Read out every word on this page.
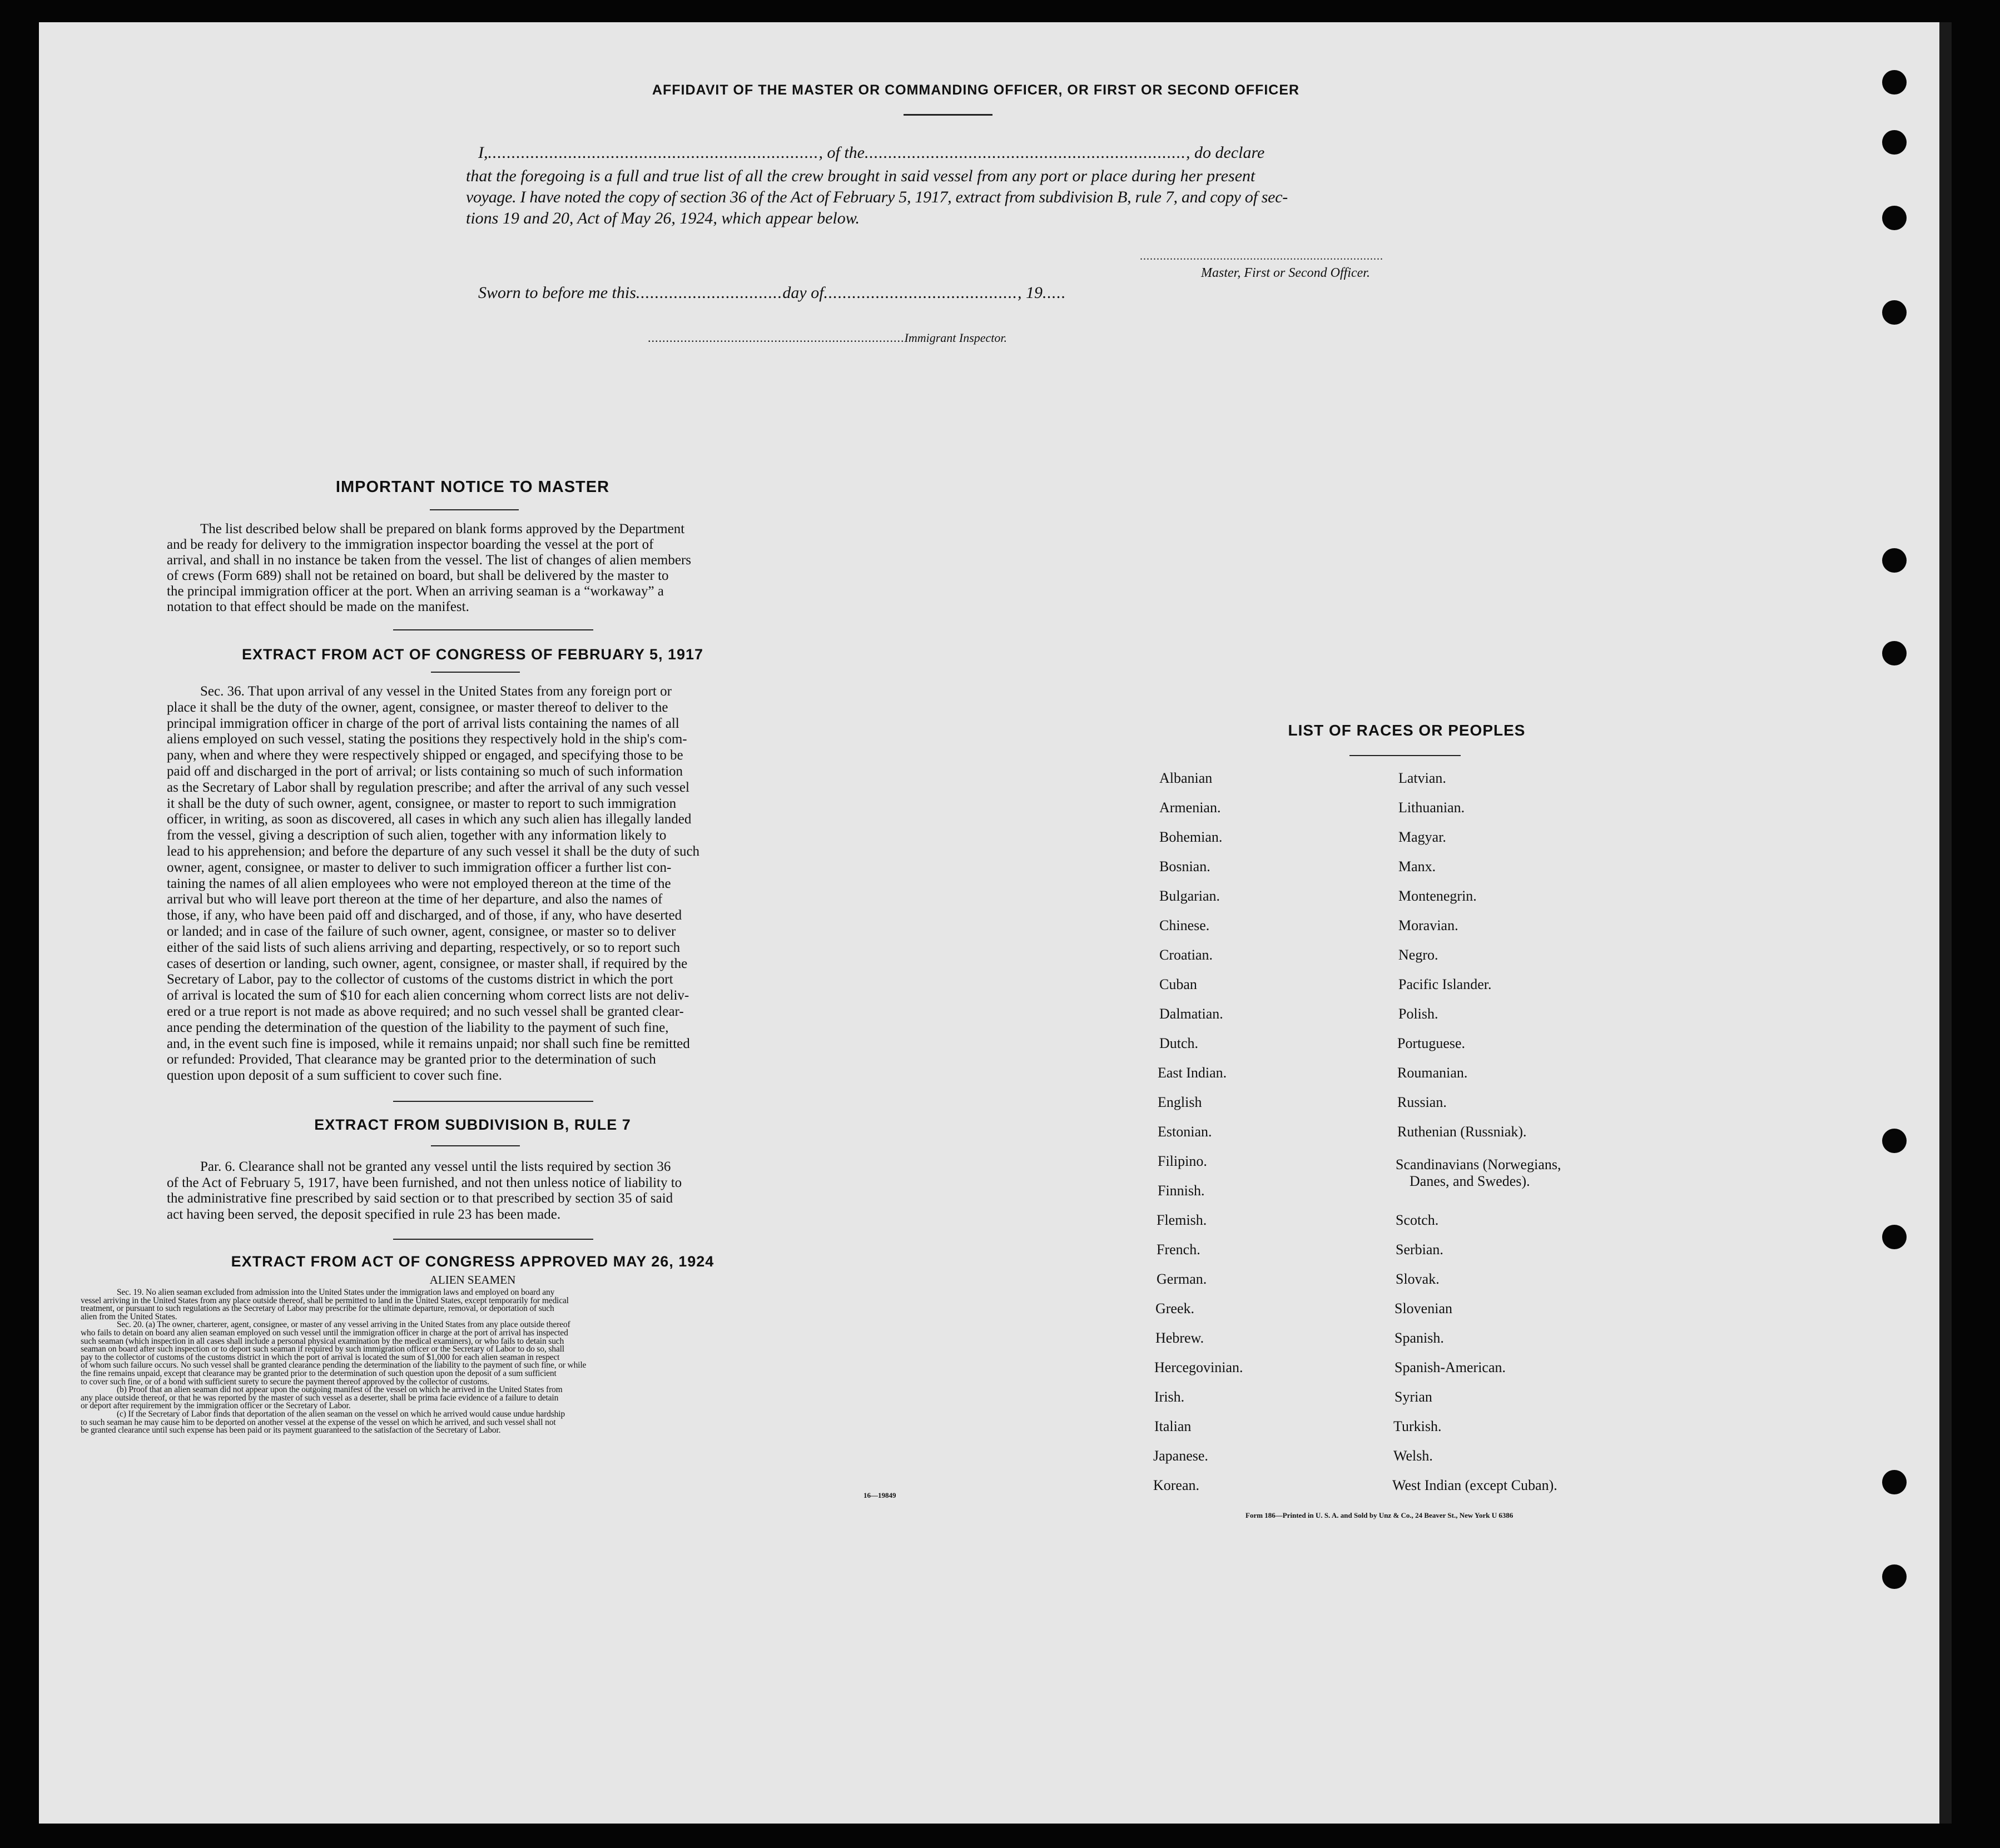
AFFIDAVIT OF THE MASTER OR COMMANDING OFFICER, OR FIRST OR SECOND OFFICER
I,......................................................................, of the...................................................................., do declare
that the foregoing is a full and true list of all the crew brought in said vessel from any port or place during her present
voyage. I have noted the copy of section 36 of the Act of February 5, 1917, extract from subdivision B, rule 7, and copy of sec-
tions 19 and 20, Act of May 26, 1924, which appear below.
.........................................................................
Master, First or Second Officer.
Sworn to before me this...............................day of........................................., 19.....
.......................................................................Immigrant Inspector.
IMPORTANT NOTICE TO MASTER
The list described below shall be prepared on blank forms approved by the Department
and be ready for delivery to the immigration inspector boarding the vessel at the port of
arrival, and shall in no instance be taken from the vessel. The list of changes of alien members
of crews (Form 689) shall not be retained on board, but shall be delivered by the master to
the principal immigration officer at the port. When an arriving seaman is a “workaway” a
notation to that effect should be made on the manifest.
EXTRACT FROM ACT OF CONGRESS OF FEBRUARY 5, 1917
Sec. 36. That upon arrival of any vessel in the United States from any foreign port or
place it shall be the duty of the owner, agent, consignee, or master thereof to deliver to the
principal immigration officer in charge of the port of arrival lists containing the names of all
aliens employed on such vessel, stating the positions they respectively hold in the ship's com-
pany, when and where they were respectively shipped or engaged, and specifying those to be
paid off and discharged in the port of arrival; or lists containing so much of such information
as the Secretary of Labor shall by regulation prescribe; and after the arrival of any such vessel
it shall be the duty of such owner, agent, consignee, or master to report to such immigration
officer, in writing, as soon as discovered, all cases in which any such alien has illegally landed
from the vessel, giving a description of such alien, together with any information likely to
lead to his apprehension; and before the departure of any such vessel it shall be the duty of such
owner, agent, consignee, or master to deliver to such immigration officer a further list con-
taining the names of all alien employees who were not employed thereon at the time of the
arrival but who will leave port thereon at the time of her departure, and also the names of
those, if any, who have been paid off and discharged, and of those, if any, who have deserted
or landed; and in case of the failure of such owner, agent, consignee, or master so to deliver
either of the said lists of such aliens arriving and departing, respectively, or so to report such
cases of desertion or landing, such owner, agent, consignee, or master shall, if required by the
Secretary of Labor, pay to the collector of customs of the customs district in which the port
of arrival is located the sum of $10 for each alien concerning whom correct lists are not deliv-
ered or a true report is not made as above required; and no such vessel shall be granted clear-
ance pending the determination of the question of the liability to the payment of such fine,
and, in the event such fine is imposed, while it remains unpaid; nor shall such fine be remitted
or refunded: Provided, That clearance may be granted prior to the determination of such
question upon deposit of a sum sufficient to cover such fine.
EXTRACT FROM SUBDIVISION B, RULE 7
Par. 6. Clearance shall not be granted any vessel until the lists required by section 36
of the Act of February 5, 1917, have been furnished, and not then unless notice of liability to
the administrative fine prescribed by said section or to that prescribed by section 35 of said
act having been served, the deposit specified in rule 23 has been made.
EXTRACT FROM ACT OF CONGRESS APPROVED MAY 26, 1924
ALIEN SEAMEN
Sec. 19. No alien seaman excluded from admission into the United States under the immigration laws and employed on board any
vessel arriving in the United States from any place outside thereof, shall be permitted to land in the United States, except temporarily for medical
treatment, or pursuant to such regulations as the Secretary of Labor may prescribe for the ultimate departure, removal, or deportation of such
alien from the United States.
Sec. 20. (a) The owner, charterer, agent, consignee, or master of any vessel arriving in the United States from any place outside thereof
who fails to detain on board any alien seaman employed on such vessel until the immigration officer in charge at the port of arrival has inspected
such seaman (which inspection in all cases shall include a personal physical examination by the medical examiners), or who fails to detain such
seaman on board after such inspection or to deport such seaman if required by such immigration officer or the Secretary of Labor to do so, shall
pay to the collector of customs of the customs district in which the port of arrival is located the sum of $1,000 for each alien seaman in respect
of whom such failure occurs. No such vessel shall be granted clearance pending the determination of the liability to the payment of such fine, or while
the fine remains unpaid, except that clearance may be granted prior to the determination of such question upon the deposit of a sum sufficient
to cover such fine, or of a bond with sufficient surety to secure the payment thereof approved by the collector of customs.
(b) Proof that an alien seaman did not appear upon the outgoing manifest of the vessel on which he arrived in the United States from
any place outside thereof, or that he was reported by the master of such vessel as a deserter, shall be prima facie evidence of a failure to detain
or deport after requirement by the immigration officer or the Secretary of Labor.
(c) If the Secretary of Labor finds that deportation of the alien seaman on the vessel on which he arrived would cause undue hardship
to such seaman he may cause him to be deported on another vessel at the expense of the vessel on which he arrived, and such vessel shall not
be granted clearance until such expense has been paid or its payment guaranteed to the satisfaction of the Secretary of Labor.
16—19849
LIST OF RACES OR PEOPLES
Albanian
Armenian.
Bohemian.
Bosnian.
Bulgarian.
Chinese.
Croatian.
Cuban
Dalmatian.
Dutch.
East Indian.
English
Estonian.
Filipino.
Finnish.
Flemish.
French.
German.
Greek.
Hebrew.
Hercegovinian.
Irish.
Italian
Japanese.
Korean.
Latvian.
Lithuanian.
Magyar.
Manx.
Montenegrin.
Moravian.
Negro.
Pacific Islander.
Polish.
Portuguese.
Roumanian.
Russian.
Ruthenian (Russniak).
Scandinavians (Norwegians,
Danes, and Swedes).
Scotch.
Serbian.
Slovak.
Slovenian
Spanish.
Spanish-American.
Syrian
Turkish.
Welsh.
West Indian (except Cuban).
Form 186—Printed in U. S. A. and Sold by Unz & Co., 24 Beaver St., New York U 6386
